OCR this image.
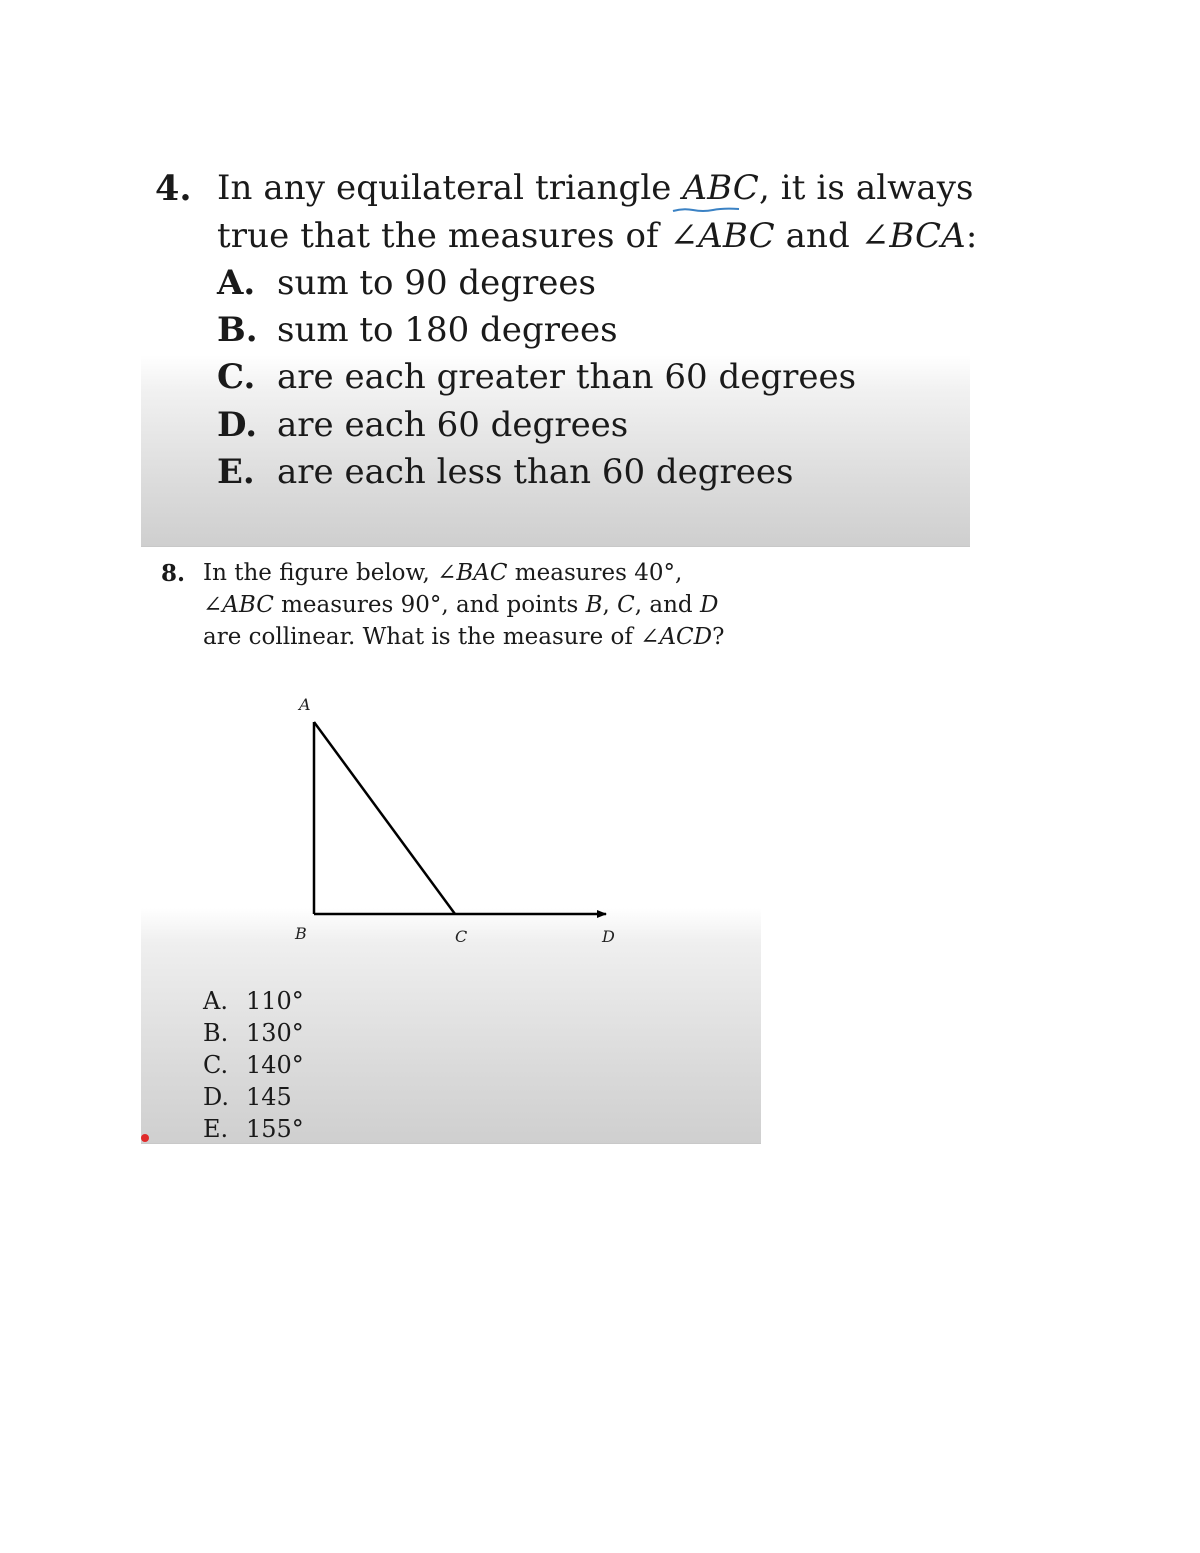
4. In any equilateral triangle ABC, it is always
true that the measures of ∠ABC and ∠BCA:
A. sum to 90 degrees
B. sum to 180 degrees
C. are each greater than 60 degrees
D. are each 60 degrees
E. are each less than 60 degrees
8. In the figure below, ∠BAC measures 40°,
∠ABC measures 90°, and points B, C, and D
are collinear. What is the measure of ∠ACD?
A
B	C	D
A. 110°
B. 130°
C. 140°
D. 145
E. 155°
